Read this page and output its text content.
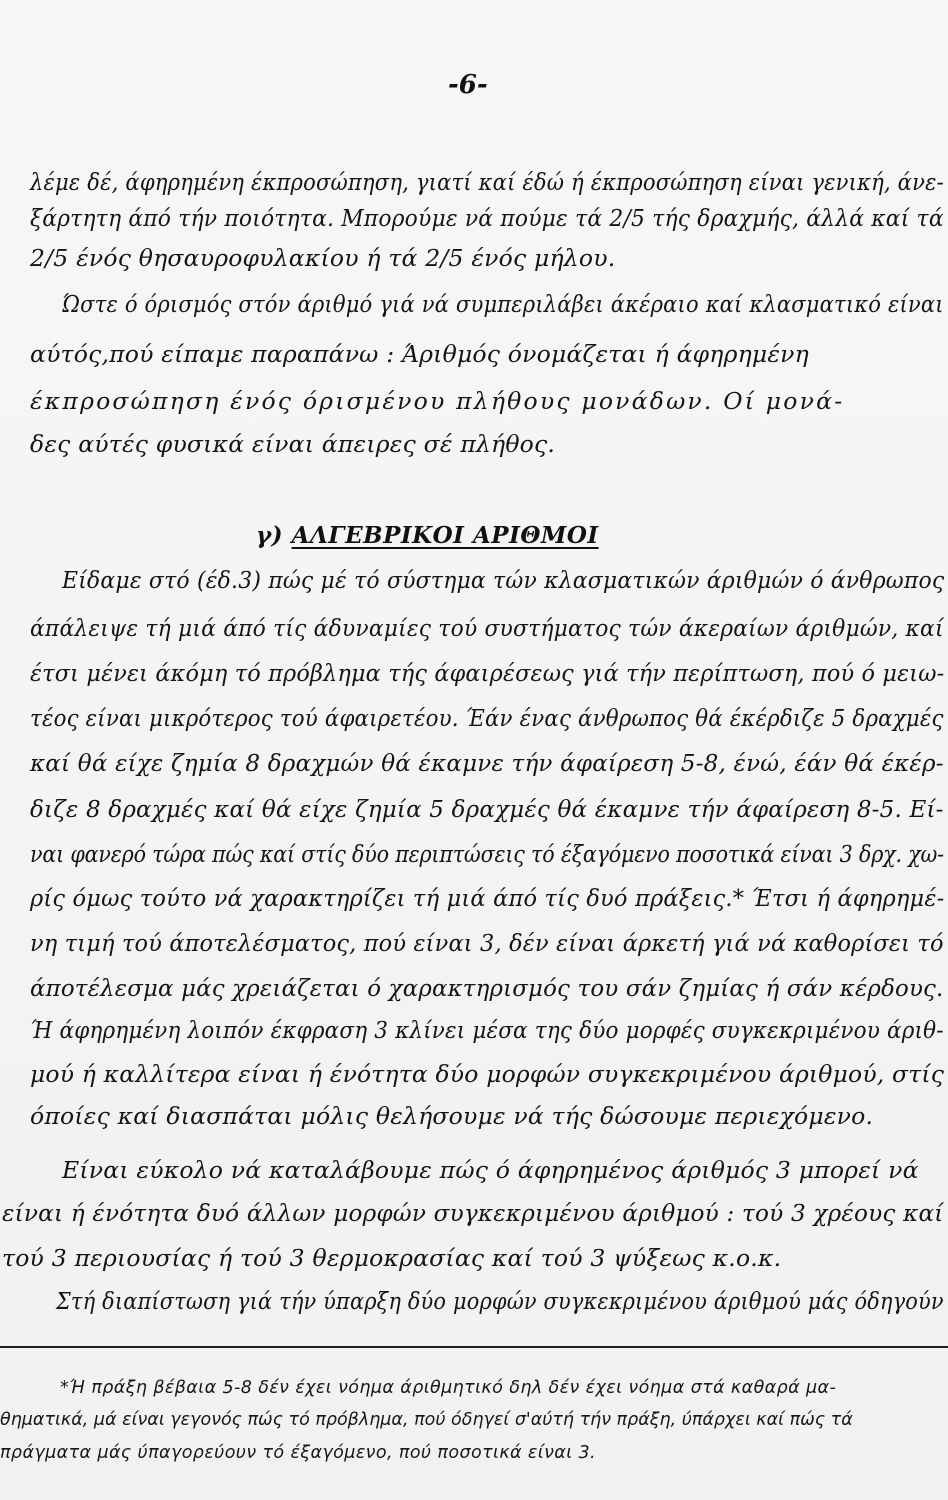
-6-
λέμε δέ, άφηρημένη έκπροσώπηση, γιατί καί έδώ ή έκπροσώπηση είναι γενική, άνε-
ξάρτητη άπό τήν ποιότητα. Μπορούμε νά πούμε τά 2/5 τής δραχμής, άλλά καί τά
2/5 ένός θησαυροφυλακίου ή τά 2/5 ένός μήλου.
Ώστε ό όρισμός στόν άριθμό γιά νά συμπεριλάβει άκέραιο καί κλασματικό είναι
αύτός,πού είπαμε παραπάνω : Άριθμός όνομάζεται ή άφηρημένη
έκπροσώπηση ένός όρισμένου πλήθους μονάδων. Οί μονά-
δες αύτές φυσικά είναι άπειρες σέ πλήθος.
γ) ΑΛΓΕΒΡΙΚΟΙ ΑΡΙΘΜΟΙ
Είδαμε στό (έδ.3) πώς μέ τό σύστημα τών κλασματικών άριθμών ό άνθρωπος
άπάλειψε τή μιά άπό τίς άδυναμίες τού συστήματος τών άκεραίων άριθμών, καί
έτσι μένει άκόμη τό πρόβλημα τής άφαιρέσεως γιά τήν περίπτωση, πού ό μειω-
τέος είναι μικρότερος τού άφαιρετέου. Έάν ένας άνθρωπος θά έκέρδιζε 5 δραχμές
καί θά είχε ζημία 8 δραχμών θά έκαμνε τήν άφαίρεση 5-8, ένώ, έάν θά έκέρ-
διζε 8 δραχμές καί θά είχε ζημία 5 δραχμές θά έκαμνε τήν άφαίρεση 8-5. Εί-
ναι φανερό τώρα πώς καί στίς δύο περιπτώσεις τό έξαγόμενο ποσοτικά είναι 3 δρχ. χω-
ρίς όμως τούτο νά χαρακτηρίζει τή μιά άπό τίς δυό πράξεις.* Έτσι ή άφηρημέ-
νη τιμή τού άποτελέσματος, πού είναι 3, δέν είναι άρκετή γιά νά καθορίσει τό
άποτέλεσμα μάς χρειάζεται ό χαρακτηρισμός του σάν ζημίας ή σάν κέρδους.
Ή άφηρημένη λοιπόν έκφραση 3 κλίνει μέσα της δύο μορφές συγκεκριμένου άριθ-
μού ή καλλίτερα είναι ή ένότητα δύο μορφών συγκεκριμένου άριθμού, στίς
όποίες καί διασπάται μόλις θελήσουμε νά τής δώσουμε περιεχόμενο.
Είναι εύκολο νά καταλάβουμε πώς ό άφηρημένος άριθμός 3 μπορεί νά
είναι ή ένότητα δυό άλλων μορφών συγκεκριμένου άριθμού : τού 3 χρέους καί
τού 3 περιουσίας ή τού 3 θερμοκρασίας καί τού 3 ψύξεως κ.ο.κ.
Στή διαπίστωση γιά τήν ύπαρξη δύο μορφών συγκεκριμένου άριθμού μάς όδηγούν
*Ή πράξη βέβαια 5-8 δέν έχει νόημα άριθμητικό δηλ δέν έχει νόημα στά καθαρά μα-
θηματικά, μά είναι γεγονός πώς τό πρόβλημα, πού όδηγεί σ'αύτή τήν πράξη, ύπάρχει καί πώς τά
πράγματα μάς ύπαγορεύουν τό έξαγόμενο, πού ποσοτικά είναι 3.
